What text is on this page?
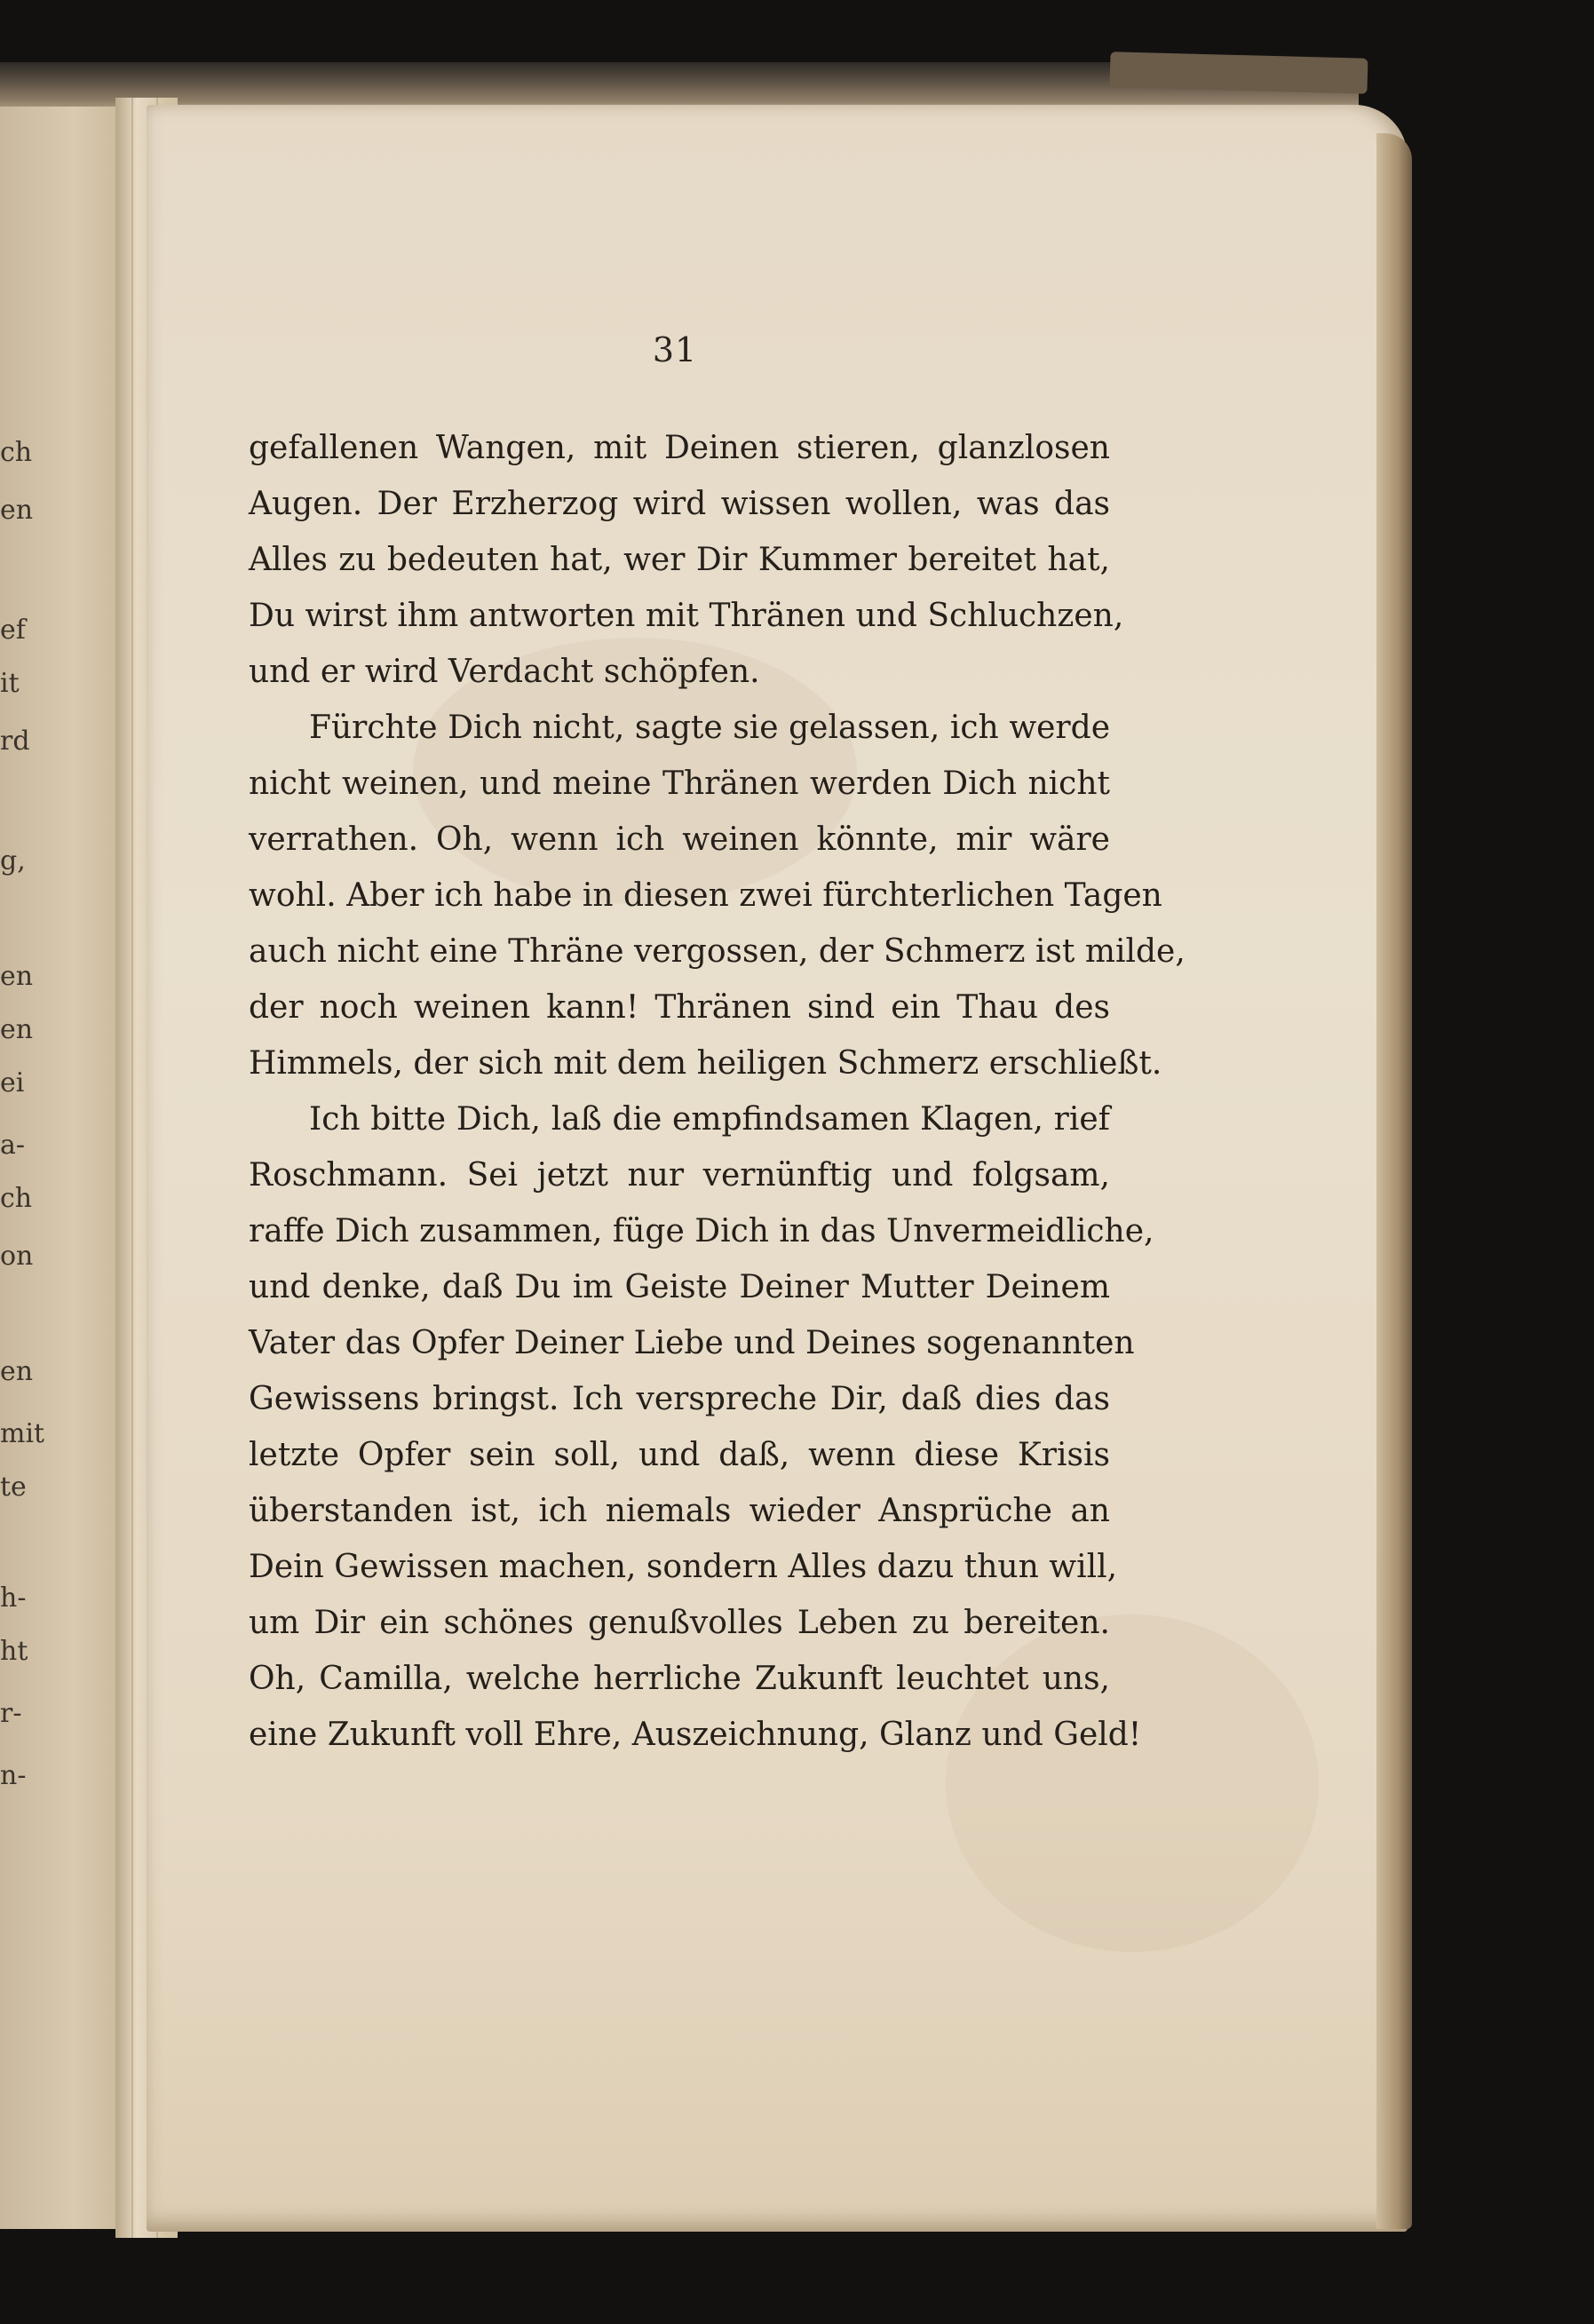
ch
en
ef
it
rd
g,
en
en
ei
a-
ch
on
en
mit
te
h-
ht
r-
n-
31
gefallenen Wangen, mit Deinen stieren, glanzlosen
Augen. Der Erzherzog wird wissen wollen, was das
Alles zu bedeuten hat, wer Dir Kummer bereitet hat,
Du wirst ihm antworten mit Thränen und Schluchzen,
und er wird Verdacht schöpfen.
Fürchte Dich nicht, sagte sie gelassen, ich werde
nicht weinen, und meine Thränen werden Dich nicht
verrathen. Oh, wenn ich weinen könnte, mir wäre
wohl. Aber ich habe in diesen zwei fürchterlichen Tagen
auch nicht eine Thräne vergossen, der Schmerz ist milde,
der noch weinen kann! Thränen sind ein Thau des
Himmels, der sich mit dem heiligen Schmerz erschließt.
Ich bitte Dich, laß die empfindsamen Klagen, rief
Roschmann. Sei jetzt nur vernünftig und folgsam,
raffe Dich zusammen, füge Dich in das Unvermeidliche,
und denke, daß Du im Geiste Deiner Mutter Deinem
Vater das Opfer Deiner Liebe und Deines sogenannten
Gewissens bringst. Ich verspreche Dir, daß dies das
letzte Opfer sein soll, und daß, wenn diese Krisis
überstanden ist, ich niemals wieder Ansprüche an
Dein Gewissen machen, sondern Alles dazu thun will,
um Dir ein schönes genußvolles Leben zu bereiten.
Oh, Camilla, welche herrliche Zukunft leuchtet uns,
eine Zukunft voll Ehre, Auszeichnung, Glanz und Geld!
